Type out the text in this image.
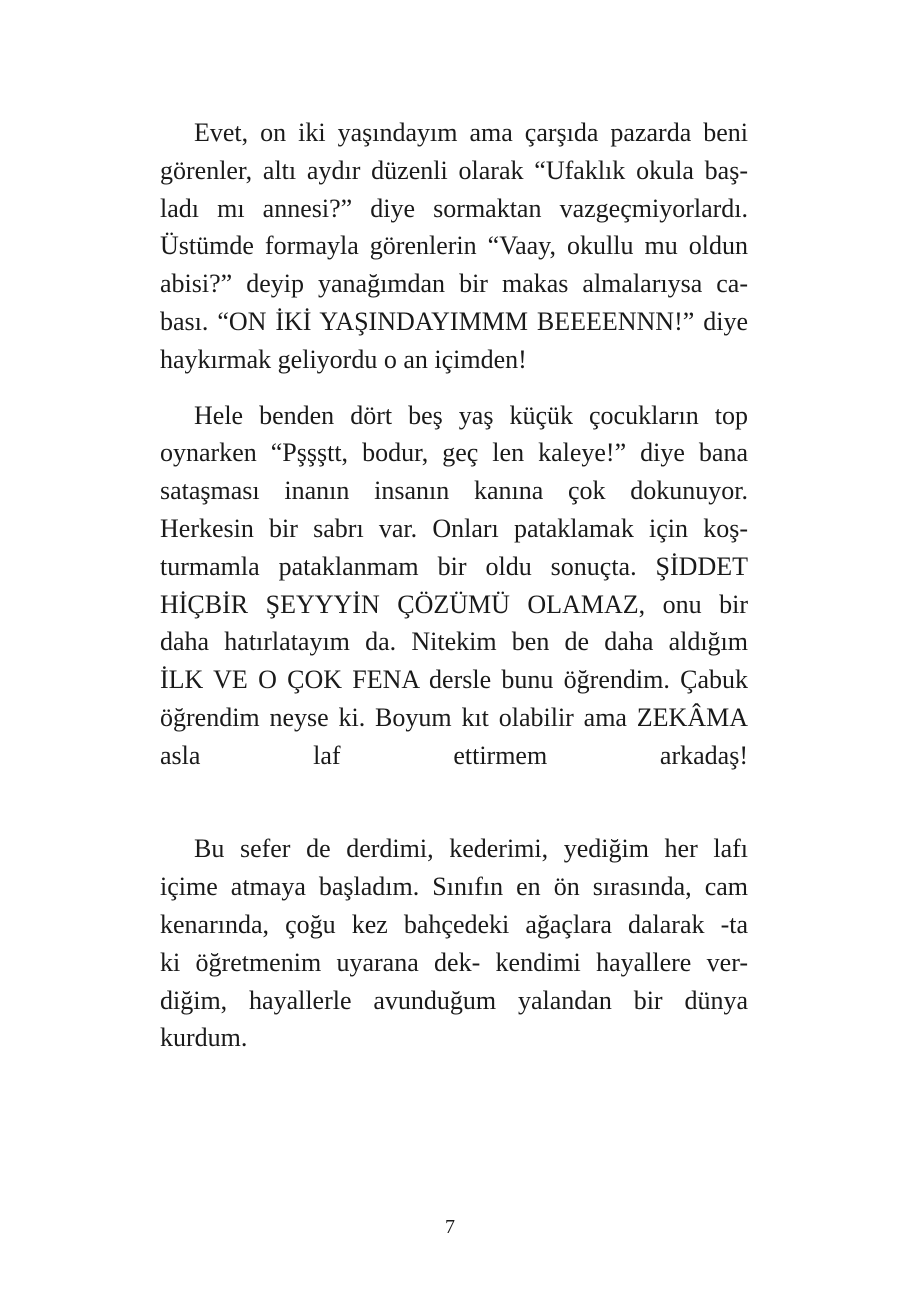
Evet, on iki yaşındayım ama çarşıda pazarda beni
görenler, altı aydır düzenli olarak “Ufaklık okula baş-
ladı mı annesi?” diye sormaktan vazgeçmiyorlardı.
Üstümde formayla görenlerin “Vaay, okullu mu oldun
abisi?” deyip yanağımdan bir makas almalarıysa ca-
bası. “ON İKİ YAŞINDAYIMMM BEEEENNN!” diye
haykırmak geliyordu o an içimden!

Hele benden dört beş yaş küçük çocukların top
oynarken “Pşşştt, bodur, geç len kaleye!” diye bana
sataşması inanın insanın kanına çok dokunuyor.
Herkesin bir sabrı var. Onları pataklamak için koş-
turmamla pataklanmam bir oldu sonuçta. ŞİDDET
HİÇBİR ŞEYYYİN ÇÖZÜMÜ OLAMAZ, onu bir
daha hatırlatayım da. Nitekim ben de daha aldığım
İLK VE O ÇOK FENA dersle bunu öğrendim. Çabuk
öğrendim neyse ki. Boyum kıt olabilir ama ZEKÂMA
asla laf ettirmem arkadaş!

Bu sefer de derdimi, kederimi, yediğim her lafı
içime atmaya başladım. Sınıfın en ön sırasında, cam
kenarında, çoğu kez bahçedeki ağaçlara dalarak -ta
ki öğretmenim uyarana dek- kendimi hayallere ver-
diğim, hayallerle avunduğum yalandan bir dünya
kurdum.

7
